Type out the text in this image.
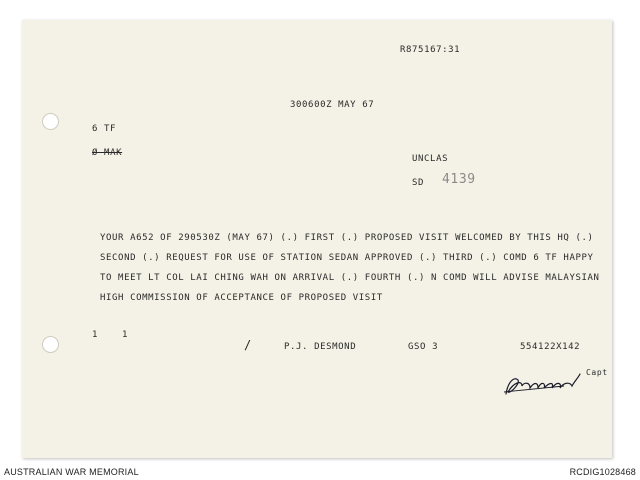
R875167:31
300600Z MAY 67
6 TF
Ø MAK
UNCLAS
SD 4139
YOUR A652 OF 290530Z (MAY 67) (.) FIRST (.) PROPOSED VISIT WELCOMED BY THIS HQ (.)
SECOND (.) REQUEST FOR USE OF STATION SEDAN APPROVED (.) THIRD (.) COMD 6 TF HAPPY
TO MEET LT COL LAI CHING WAH ON ARRIVAL (.) FOURTH (.) N COMD WILL ADVISE MALAYSIAN
HIGH COMMISSION OF ACCEPTANCE OF PROPOSED VISIT
1	1
/	P.J. DESMOND	GSO 3	554122X142
Capt
AUSTRALIAN WAR MEMORIAL	RCDIG1028468
